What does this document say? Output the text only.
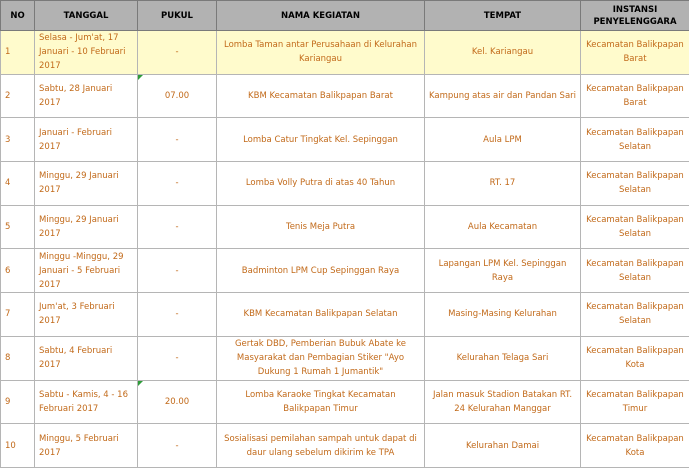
NO	TANGGAL	PUKUL	NAMA KEGIATAN	TEMPAT	INSTANSI PENYELENGGARA
1	Selasa - Jum'at, 17 Januari - 10 Februari 2017	-	Lomba Taman antar Perusahaan di Kelurahan Kariangau	Kel. Kariangau	Kecamatan Balikpapan Barat
2	Sabtu, 28 Januari 2017	07.00	KBM Kecamatan Balikpapan Barat	Kampung atas air dan Pandan Sari	Kecamatan Balikpapan Barat
3	Januari - Februari 2017	-	Lomba Catur Tingkat Kel. Sepinggan	Aula LPM	Kecamatan Balikpapan Selatan
4	Minggu, 29 Januari 2017	-	Lomba Volly Putra di atas 40 Tahun	RT. 17	Kecamatan Balikpapan Selatan
5	Minggu, 29 Januari 2017	-	Tenis Meja Putra	Aula Kecamatan	Kecamatan Balikpapan Selatan
6	Minggu -Minggu, 29 Januari - 5 Februari 2017	-	Badminton LPM Cup Sepinggan Raya	Lapangan LPM Kel. Sepinggan Raya	Kecamatan Balikpapan Selatan
7	Jum'at, 3 Februari 2017	-	KBM Kecamatan Balikpapan Selatan	Masing-Masing Kelurahan	Kecamatan Balikpapan Selatan
8	Sabtu, 4 Februari 2017	-	Gertak DBD, Pemberian Bubuk Abate ke Masyarakat dan Pembagian Stiker "Ayo Dukung 1 Rumah 1 Jumantik"	Kelurahan Telaga Sari	Kecamatan Balikpapan Kota
9	Sabtu - Kamis, 4 - 16 Februari 2017	20.00	Lomba Karaoke Tingkat Kecamatan Balikpapan Timur	Jalan masuk Stadion Batakan RT. 24 Kelurahan Manggar	Kecamatan Balikpapan Timur
10	Minggu, 5 Februari 2017	-	Sosialisasi pemilahan sampah untuk dapat di daur ulang sebelum dikirim ke TPA	Kelurahan Damai	Kecamatan Balikpapan Kota
